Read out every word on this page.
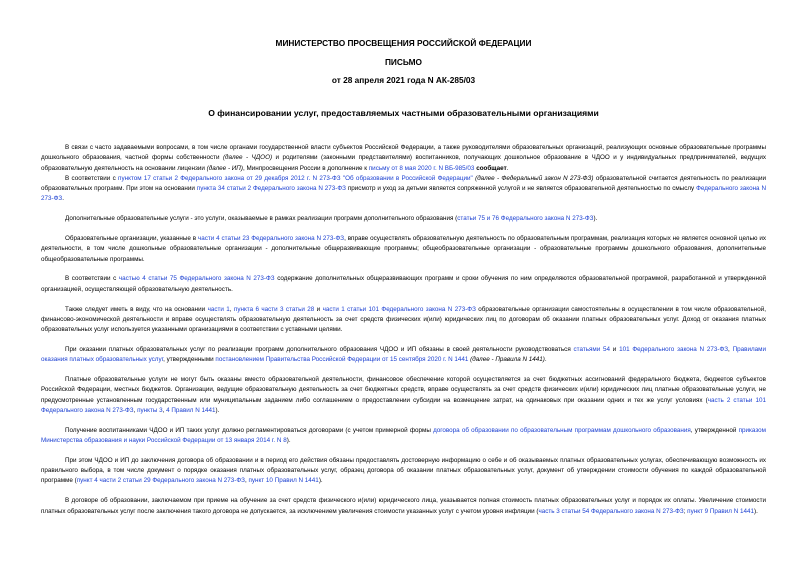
МИНИСТЕРСТВО ПРОСВЕЩЕНИЯ РОССИЙСКОЙ ФЕДЕРАЦИИ
ПИСЬМО
от 28 апреля 2021 года N АК-285/03
О финансировании услуг, предоставляемых частными образовательными организациями

В связи с часто задаваемыми вопросами, в том числе органами государственной власти субъектов Российской Федерации, а также руководителями образовательных организаций, реализующих основные образовательные программы дошкольного образования, частной формы собственности (далее - ЧДОО) и родителями (законными представителями) воспитанников, получающих дошкольное образование в ЧДОО и у индивидуальных предпринимателей, ведущих образовательную деятельность на основании лицензии (далее - ИП), Минпросвещения России в дополнение к письму от 8 мая 2020 г. N ВБ-985/03 сообщает.

В соответствии с пунктом 17 статьи 2 Федерального закона от 29 декабря 2012 г. N 273-ФЗ "Об образовании в Российской Федерации" (далее - Федеральный закон N 273-ФЗ) образовательной считается деятельность по реализации образовательных программ. При этом на основании пункта 34 статьи 2 Федерального закона N 273-ФЗ присмотр и уход за детьми является сопряженной услугой и не является образовательной деятельностью по смыслу Федерального закона N 273-ФЗ.

Дополнительные образовательные услуги - это услуги, оказываемые в рамках реализации программ дополнительного образования (статьи 75 и 76 Федерального закона N 273-ФЗ).

Образовательные организации, указанные в части 4 статьи 23 Федерального закона N 273-ФЗ, вправе осуществлять образовательную деятельность по образовательным программам, реализация которых не является основной целью их деятельности, в том числе дошкольные образовательные организации - дополнительные общеразвивающие программы; общеобразовательные организации - образовательные программы дошкольного образования, дополнительные общеобразовательные программы.

В соответствии с частью 4 статьи 75 Федерального закона N 273-ФЗ содержание дополнительных общеразвивающих программ и сроки обучения по ним определяются образовательной программой, разработанной и утвержденной организацией, осуществляющей образовательную деятельность.

Также следует иметь в виду, что на основании части 1, пункта 6 части 3 статьи 28 и части 1 статьи 101 Федерального закона N 273-ФЗ образовательные организации самостоятельны в осуществлении в том числе образовательной, финансово-экономической деятельности и вправе осуществлять образовательную деятельность за счет средств физических и(или) юридических лиц по договорам об оказании платных образовательных услуг. Доход от оказания платных образовательных услуг используется указанными организациями в соответствии с уставными целями.

При оказании платных образовательных услуг по реализации программ дополнительного образования ЧДОО и ИП обязаны в своей деятельности руководствоваться статьями 54 и 101 Федерального закона N 273-ФЗ, Правилами оказания платных образовательных услуг, утвержденными постановлением Правительства Российской Федерации от 15 сентября 2020 г. N 1441 (далее - Правила N 1441).

Платные образовательные услуги не могут быть оказаны вместо образовательной деятельности, финансовое обеспечение которой осуществляется за счет бюджетных ассигнований федерального бюджета, бюджетов субъектов Российской Федерации, местных бюджетов. Организации, ведущие образовательную деятельность за счет бюджетных средств, вправе осуществлять за счет средств физических и(или) юридических лиц платные образовательные услуги, не предусмотренные установленным государственным или муниципальным заданием либо соглашением о предоставлении субсидии на возмещение затрат, на одинаковых при оказании одних и тех же услуг условиях (часть 2 статьи 101 Федерального закона N 273-ФЗ, пункты 3, 4 Правил N 1441).

Получение воспитанниками ЧДОО и ИП таких услуг должно регламентироваться договорами (с учетом примерной формы договора об образовании по образовательным программам дошкольного образования, утвержденной приказом Министерства образования и науки Российской Федерации от 13 января 2014 г. N 8).

При этом ЧДОО и ИП до заключения договора об образовании и в период его действия обязаны предоставлять достоверную информацию о себе и об оказываемых платных образовательных услугах, обеспечивающую возможность их правильного выбора, в том числе документ о порядке оказания платных образовательных услуг, образец договора об оказании платных образовательных услуг, документ об утверждении стоимости обучения по каждой образовательной программе (пункт 4 части 2 статьи 29 Федерального закона N 273-ФЗ, пункт 10 Правил N 1441).

В договоре об образовании, заключаемом при приеме на обучение за счет средств физического и(или) юридического лица, указывается полная стоимость платных образовательных услуг и порядок их оплаты. Увеличение стоимости платных образовательных услуг после заключения такого договора не допускается, за исключением увеличения стоимости указанных услуг с учетом уровня инфляции (часть 3 статьи 54 Федерального закона N 273-ФЗ; пункт 9 Правил N 1441).
